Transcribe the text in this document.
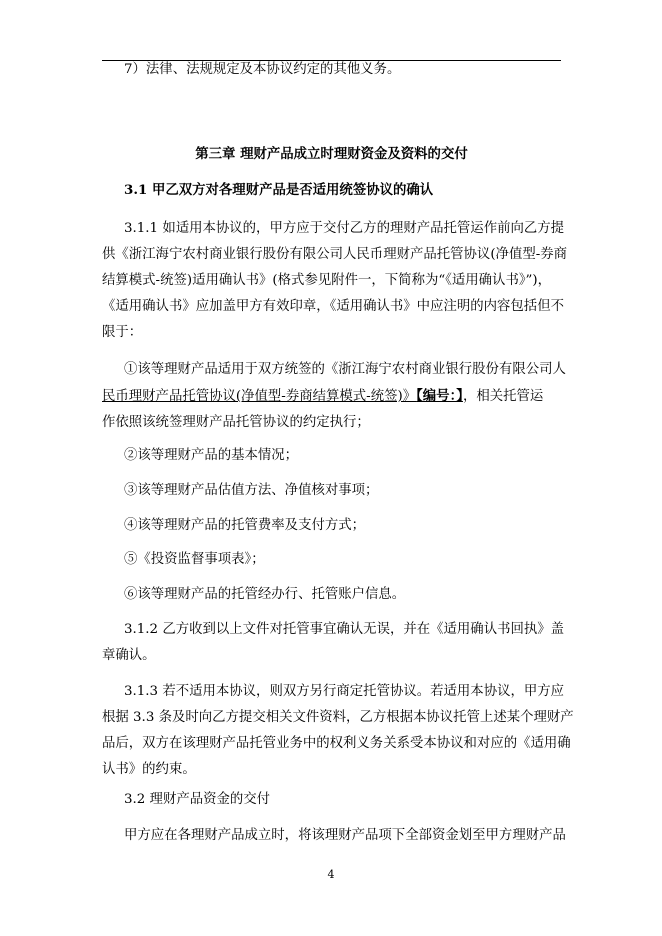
7）法律、法规规定及本协议约定的其他义务。

第三章 理财产品成立时理财资金及资料的交付

3.1 甲乙双方对各理财产品是否适用统签协议的确认

3.1.1 如适用本协议的，甲方应于交付乙方的理财产品托管运作前向乙方提
供《浙江海宁农村商业银行股份有限公司人民币理财产品托管协议(净值型-券商
结算模式-统签)适用确认书》(格式参见附件一，下简称为“《适用确认书》”)，
《适用确认书》应加盖甲方有效印章，《适用确认书》中应注明的内容包括但不
限于：
①该等理财产品适用于双方统签的《浙江海宁农村商业银行股份有限公司人
民币理财产品托管协议(净值型-券商结算模式-统签)》【编号：】，相关托管运
作依照该统签理财产品托管协议的约定执行；

②该等理财产品的基本情况；

③该等理财产品估值方法、净值核对事项；

④该等理财产品的托管费率及支付方式；

⑤《投资监督事项表》；

⑥该等理财产品的托管经办行、托管账户信息。

3.1.2 乙方收到以上文件对托管事宜确认无误，并在《适用确认书回执》盖
章确认。
3.1.3 若不适用本协议，则双方另行商定托管协议。若适用本协议，甲方应
根据 3.3 条及时向乙方提交相关文件资料，乙方根据本协议托管上述某个理财产
品后，双方在该理财产品托管业务中的权利义务关系受本协议和对应的《适用确
认书》的约束。

3.2 理财产品资金的交付

甲方应在各理财产品成立时，将该理财产品项下全部资金划至甲方理财产品

4
